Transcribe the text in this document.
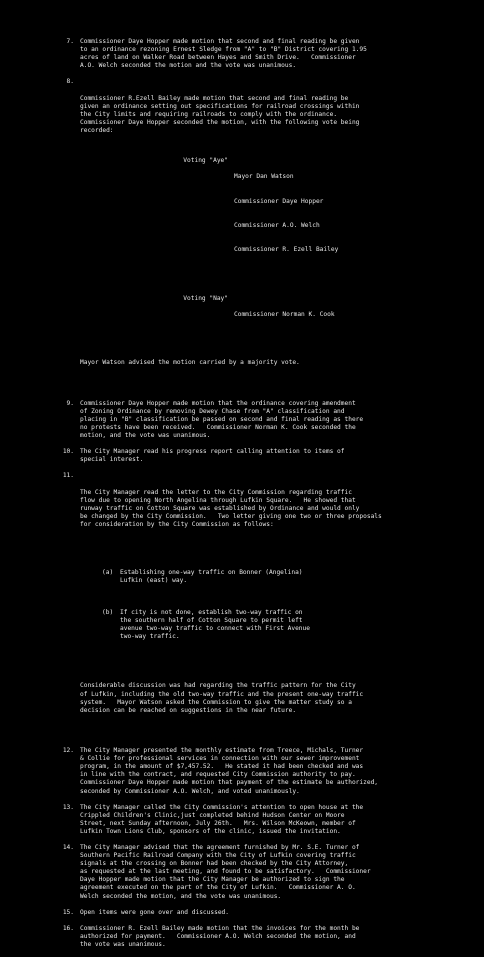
7. Commissioner Daye Hopper made motion that second and final reading be given
to an ordinance rezoning Ernest Sledge from "A" to "B" District covering 1.95
acres of land on Walker Road between Hayes and Smith Drive.   Commissioner
A.O. Welch seconded the motion and the vote was unanimous.
8.

Commissioner R.Ezell Bailey made motion that second and final reading be
given an ordinance setting out specifications for railroad crossings within
the City limits and requiring railroads to comply with the ordinance.
Commissioner Daye Hopper seconded the motion, with the following vote being
recorded:

Voting "Aye"

Mayor Dan Watson

Commissioner Daye Hopper

Commissioner A.O. Welch

Commissioner R. Ezell Bailey

Voting "Nay"

Commissioner Norman K. Cook

Mayor Watson advised the motion carried by a majority vote.

9. Commissioner Daye Hopper made motion that the ordinance covering amendment
of Zoning Ordinance by removing Dewey Chase from "A" classification and
placing in "B" classification be passed on second and final reading as there
no protests have been received.   Commissioner Norman K. Cook seconded the
motion, and the vote was unanimous.
10. The City Manager read his progress report calling attention to items of
special interest.
11.

The City Manager read the letter to the City Commission regarding traffic
flow due to opening North Angelina through Lufkin Square.   He showed that
runway traffic on Cotton Square was established by Ordinance and would only
be changed by the City Commission.   Two letter giving one two or three proposals
for consideration by the City Commission as follows:

(a)	Establishing one-way traffic on Bonner (Angelina)
Lufkin (east) way.

(b)	If city is not done, establish two-way traffic on
the southern half of Cotton Square to permit left
avenue two-way traffic to connect with First Avenue
two-way traffic.

Considerable discussion was had regarding the traffic pattern for the City
of Lufkin, including the old two-way traffic and the present one-way traffic
system.   Mayor Watson asked the Commission to give the matter study so a
decision can be reached on suggestions in the near future.

12. The City Manager presented the monthly estimate from Treece, Michals, Turner
& Collie for professional services in connection with our sewer improvement
program, in the amount of $7,457.52.   He stated it had been checked and was
in line with the contract, and requested City Commission authority to pay.
Commissioner Daye Hopper made motion that payment of the estimate be authorized,
seconded by Commissioner A.O. Welch, and voted unanimously.
13. The City Manager called the City Commission's attention to open house at the
Crippled Children's Clinic,just completed behind Hudson Center on Moore
Street, next Sunday afternoon, July 26th.   Mrs. Wilson McKeown, member of
Lufkin Town Lions Club, sponsors of the clinic, issued the invitation.
14. The City Manager advised that the agreement furnished by Mr. S.E. Turner of
Southern Pacific Railroad Company with the City of Lufkin covering traffic
signals at the crossing on Bonner had been checked by the City Attorney,
as requested at the last meeting, and found to be satisfactory.   Commissioner
Daye Hopper made motion that the City Manager be authorized to sign the
agreement executed on the part of the City of Lufkin.   Commissioner A. O.
Welch seconded the motion, and the vote was unanimous.
15. Open items were gone over and discussed.
16. Commissioner R. Ezell Bailey made motion that the invoices for the month be
authorized for payment.   Commissioner A.O. Welch seconded the motion, and
the vote was unanimous.
